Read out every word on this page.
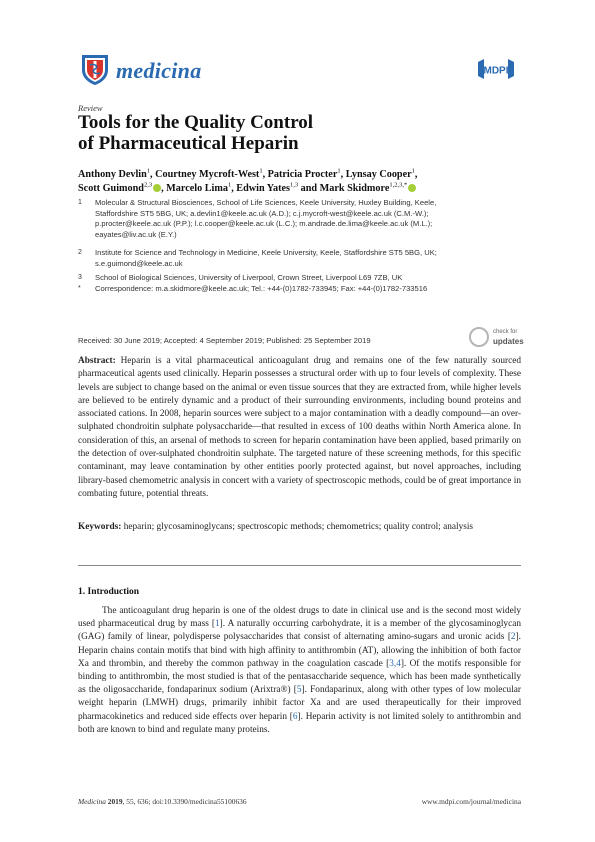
medicina	MDPI
Review
Tools for the Quality Control
of Pharmaceutical Heparin
Anthony Devlin$^1$, Courtney Mycroft-West$^1$, Patricia Procter$^1$, Lynsay Cooper$^1$,
Scott Guimond$^{2,3}$ , Marcelo Lima$^1$, Edwin Yates$^{1,3}$ and Mark Skidmore$^{1,2,3,*}$
1	Molecular & Structural Biosciences, School of Life Sciences, Keele University, Huxley Building, Keele,
Staffordshire ST5 5BG, UK; a.devlin1@keele.ac.uk (A.D.); c.j.mycroft-west@keele.ac.uk (C.M.-W.);
p.procter@keele.ac.uk (P.P.); l.c.cooper@keele.ac.uk (L.C.); m.andrade.de.lima@keele.ac.uk (M.L.);
eayates@liv.ac.uk (E.Y.)
2	Institute for Science and Technology in Medicine, Keele University, Keele, Staffordshire ST5 5BG, UK;
s.e.guimond@keele.ac.uk
3	School of Biological Sciences, University of Liverpool, Crown Street, Liverpool L69 7ZB, UK
*	Correspondence: m.a.skidmore@keele.ac.uk; Tel.: +44-(0)1782-733945; Fax: +44-(0)1782-733516
Received: 30 June 2019; Accepted: 4 September 2019; Published: 25 September 2019
check for
updates

Abstract: Heparin is a vital pharmaceutical anticoagulant drug and remains one of the few naturally sourced pharmaceutical agents used clinically. Heparin possesses a structural order with up to four levels of complexity. These levels are subject to change based on the animal or even tissue sources that they are extracted from, while higher levels are believed to be entirely dynamic and a product of their surrounding environments, including bound proteins and associated cations. In 2008, heparin sources were subject to a major contamination with a deadly compound—an over-sulphated chondroitin sulphate polysaccharide—that resulted in excess of 100 deaths within North America alone. In consideration of this, an arsenal of methods to screen for heparin contamination have been applied, based primarily on the detection of over-sulphated chondroitin sulphate. The targeted nature of these screening methods, for this specific contaminant, may leave contamination by other entities poorly protected against, but novel approaches, including library-based chemometric analysis in concert with a variety of spectroscopic methods, could be of great importance in combating future, potential threats.

Keywords: heparin; glycosaminoglycans; spectroscopic methods; chemometrics; quality control; analysis

1. Introduction

The anticoagulant drug heparin is one of the oldest drugs to date in clinical use and is the second most widely used pharmaceutical drug by mass [1]. A naturally occurring carbohydrate, it is a member of the glycosaminoglycan (GAG) family of linear, polydisperse polysaccharides that consist of alternating amino-sugars and uronic acids [2]. Heparin chains contain motifs that bind with high affinity to antithrombin (AT), allowing the inhibition of both factor Xa and thrombin, and thereby the common pathway in the coagulation cascade [3,4]. Of the motifs responsible for binding to antithrombin, the most studied is that of the pentasaccharide sequence, which has been made synthetically as the oligosaccharide, fondaparinux sodium (Arixtra®) [5]. Fondaparinux, along with other types of low molecular weight heparin (LMWH) drugs, primarily inhibit factor Xa and are used therapeutically for their improved pharmacokinetics and reduced side effects over heparin [6]. Heparin activity is not limited solely to antithrombin and both are known to bind and regulate many proteins.

Medicina 2019, 55, 636; doi:10.3390/medicina55100636	www.mdpi.com/journal/medicina
